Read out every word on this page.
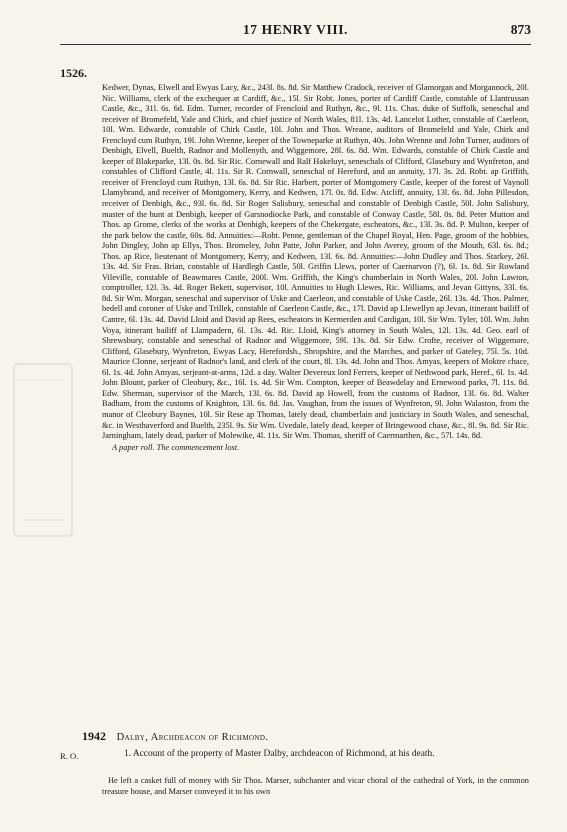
17 HENRY VIII.	873
1526.

Kedwer, Dynas, Elwell and Ewyas Lacy, &c., 243l. 8s. 8d. Sir Matthew Cradock, receiver of Glamorgan and Morgannock, 20l. Nic. Williams, clerk of the exchequer at Cardiff, &c., 15l. Sir Robt. Jones, porter of Cardiff Castle, constable of Llantrussan Castle, &c., 31l. 6s. 6d. Edm. Turner, recorder of Frencloid and Ruthyn, &c., 9l. 11s. Chas. duke of Suffolk, seneschal and receiver of Bromefeld, Yale and Chirk, and chief justice of North Wales, 81l. 13s. 4d. Lancelot Lother, constable of Caerleon, 10l. Wm. Edwarde, constable of Chirk Castle, 10l. John and Thos. Wreane, auditors of Bromefeld and Yale, Chirk and Frencloyd cum Ruthyn, 19l. John Wrenne, keeper of the Towneparke at Ruthyn, 40s. John Wrenne and John Turner, auditors of Denbigh, Elvell, Buelth, Radnor and Mollenyth, and Wiggemore, 28l. 6s. 8d. Wm. Edwards, constable of Chirk Castle and keeper of Blakeparke, 13l. 0s. 8d. Sir Ric. Cornewall and Ralf Hakeluyt, seneschals of Clifford, Glasebury and Wynfreton, and constables of Clifford Castle, 4l. 11s. Sir R. Cornwall, seneschal of Hereford, and an annuity, 17l. 3s. 2d. Robt. ap Griffith, receiver of Frencloyd cum Ruthyn, 13l. 6s. 8d. Sir Ric. Harbert, porter of Montgomery Castle, keeper of the forest of Vaynoll Llamybrand, and receiver of Montgomery, Kerry, and Kedwen, 17l. 0s. 8d. Edw. Atcliff, annuity, 13l. 6s. 8d. John Pillesdon, receiver of Denbigh, &c., 93l. 6s. 8d. Sir Roger Salisbury, seneschal and constable of Denbigh Castle, 50l. John Salisbury, master of the hunt at Denbigh, keeper of Garsnodiocke Park, and constable of Conway Castle, 58l. 0s. 8d. Peter Mutton and Thos. ap Grome, clerks of the works at Denbigh, keepers of the Chekergate, escheators, &c., 13l. 3s. 8d. P. Multon, keeper of the park below the castle, 60s. 8d. Annuities:—Robt. Penne, gentleman of the Chapel Royal, Hen. Page, groom of the hobbies, John Dingley, John ap Ellys, Thos. Bromeley, John Patte, John Parker, and John Averey, groom of the Mouth, 63l. 6s. 8d.; Thos. ap Rice, lieutenant of Montgomery, Kerry, and Kedwen, 13l. 6s. 8d. Annuities:—John Dudley and Thos. Starkey, 26l. 13s. 4d. Sir Fras. Brian, constable of Hardlegh Castle, 50l. Griffin Llews, porter of Caernarvon (?), 6l. 1s. 8d. Sir Rowland Vileville, constable of Beawmares Castle, 200l. Wm. Griffith, the King's chamberlain in North Wales, 20l. John Lawton, comptroller, 12l. 3s. 4d. Roger Bekett, supervisor, 10l. Annuities to Hugh Llewes, Ric. Williams, and Jevan Gittyns, 33l. 6s. 8d. Sir Wm. Morgan, seneschal and supervisor of Uske and Caerleon, and constable of Uske Castle, 26l. 13s. 4d. Thos. Palmer, bedell and coroner of Uske and Trillek, constable of Caerleon Castle, &c., 17l. David ap Llewellyn ap Jevan, itinerant bailiff of Cantre, 6l. 13s. 4d. David Lloid and David ap Rees, escheators in Kermerden and Cardigan, 10l. Sir Wm. Tyler, 10l. Wm. John Voya, itinerant bailiff of Llampadern, 6l. 13s. 4d. Ric. Lloid, King's attorney in South Wales, 12l. 13s. 4d. Geo. earl of Shrewsbury, constable and seneschal of Radnor and Wiggemore, 59l. 13s. 8d. Sir Edw. Crofte, receiver of Wiggemore, Clifford, Glasebury, Wynfreton, Ewyas Lacy, Herefordsh., Shropshire, and the Marches, and parker of Gateley, 75l. 5s. 10d. Maurice Clonne, serjeant of Radnor's land, and clerk of the court, 8l. 13s. 4d. John and Thos. Amyas, keepers of Moktre chace, 6l. 1s. 4d. John Amyas, serjeant-at-arms, 12d. a day. Walter Devereux lord Ferrers, keeper of Nethwood park, Heref., 6l. 1s. 4d. John Blount, parker of Cleobury, &c., 16l. 1s. 4d. Sir Wm. Compton, keeper of Beawdelay and Ernewood parks, 7l. 11s. 8d. Edw. Sherman, supervisor of the March, 13l. 6s. 8d. David ap Howell, from the customs of Radnor, 13l. 6s. 8d. Walter Badham, from the customs of Knighton, 13l. 6s. 8d. Jas. Vaughan, from the issues of Wynfreton, 9l. John Walaston, from the manor of Cleobury Baynes, 10l. Sir Rese ap Thomas, lately dead, chamberlain and justiciary in South Wales, and seneschal, &c. in Westhaverford and Buelth, 235l. 9s. Sir Wm. Uvedale, lately dead, keeper of Bringewood chase, &c., 8l. 9s. 8d. Sir Ric. Jarningham, lately dead, parker of Molewike, 4l. 11s. Sir Wm. Thomas, sheriff of Caermarthen, &c., 57l. 14s. 8d.

A paper roll. The commencement lost.

1942 Dalby, Archdeacon of Richmond.
R. O.	1. Account of the property of Master Dalby, archdeacon of Richmond, at his death.
He left a casket full of money with Sir Thos. Marser, subchanter and vicar choral of the cathedral of York, in the common treasure house, and Marser conveyed it to his own
